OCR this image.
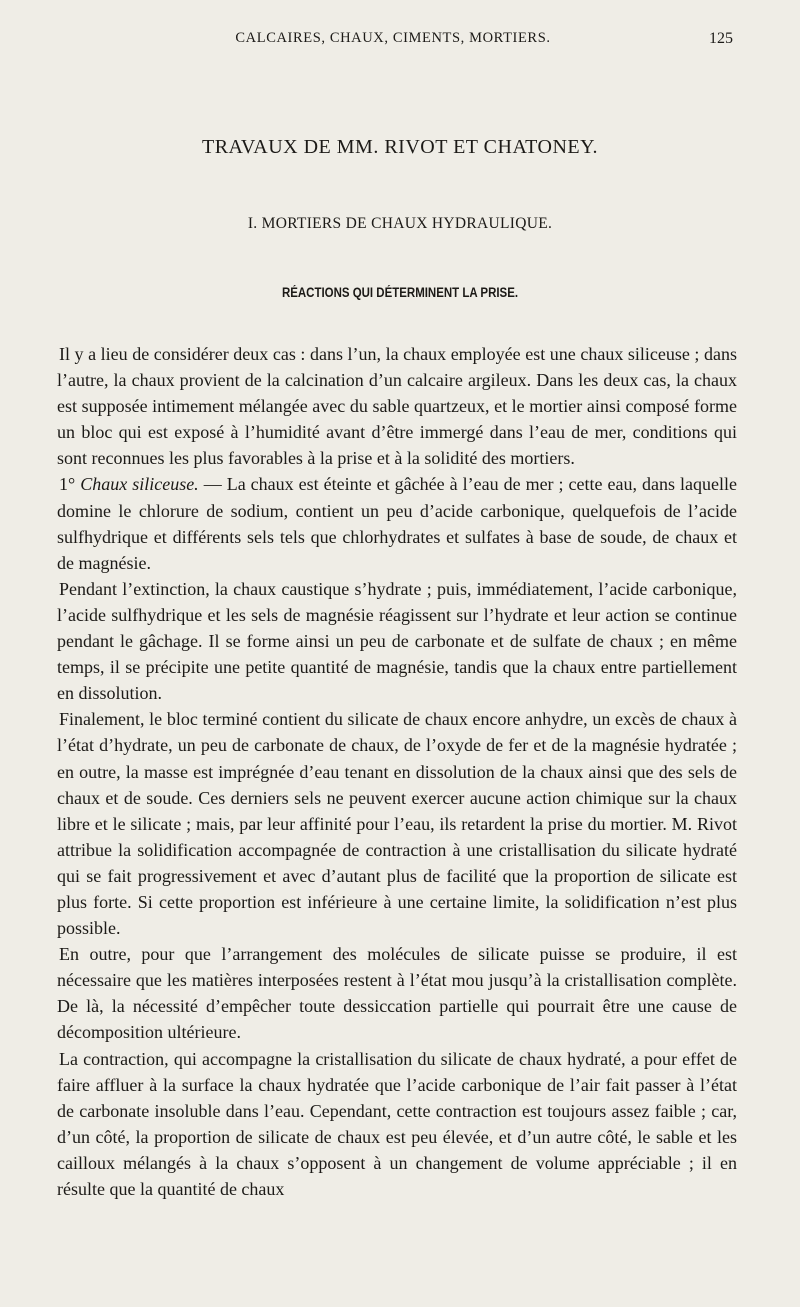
CALCAIRES, CHAUX, CIMENTS, MORTIERS.	125
TRAVAUX DE MM. RIVOT ET CHATONEY.
I. MORTIERS DE CHAUX HYDRAULIQUE.
RÉACTIONS QUI DÉTERMINENT LA PRISE.

Il y a lieu de considérer deux cas : dans l’un, la chaux employée est une chaux siliceuse ; dans l’autre, la chaux provient de la calcination d’un calcaire argileux. Dans les deux cas, la chaux est supposée intimement mélangée avec du sable quartzeux, et le mortier ainsi composé forme un bloc qui est exposé à l’humidité avant d’être immergé dans l’eau de mer, conditions qui sont reconnues les plus favorables à la prise et à la solidité des mortiers.

1° Chaux siliceuse. — La chaux est éteinte et gâchée à l’eau de mer ; cette eau, dans laquelle domine le chlorure de sodium, contient un peu d’acide carbonique, quelquefois de l’acide sulfhydrique et différents sels tels que chlorhydrates et sulfates à base de soude, de chaux et de magnésie.

Pendant l’extinction, la chaux caustique s’hydrate ; puis, immédiatement, l’acide carbonique, l’acide sulfhydrique et les sels de magnésie réagissent sur l’hydrate et leur action se continue pendant le gâchage. Il se forme ainsi un peu de carbonate et de sulfate de chaux ; en même temps, il se précipite une petite quantité de magnésie, tandis que la chaux entre partiellement en dissolution.

Finalement, le bloc terminé contient du silicate de chaux encore anhydre, un excès de chaux à l’état d’hydrate, un peu de carbonate de chaux, de l’oxyde de fer et de la magnésie hydratée ; en outre, la masse est imprégnée d’eau tenant en dissolution de la chaux ainsi que des sels de chaux et de soude. Ces derniers sels ne peuvent exercer aucune action chimique sur la chaux libre et le silicate ; mais, par leur affinité pour l’eau, ils retardent la prise du mortier. M. Rivot attribue la solidification accompagnée de contraction à une cristallisation du silicate hydraté qui se fait progressivement et avec d’autant plus de facilité que la proportion de silicate est plus forte. Si cette proportion est inférieure à une certaine limite, la solidification n’est plus possible.

En outre, pour que l’arrangement des molécules de silicate puisse se produire, il est nécessaire que les matières interposées restent à l’état mou jusqu’à la cristallisation complète. De là, la nécessité d’empêcher toute dessiccation partielle qui pourrait être une cause de décomposition ultérieure.

La contraction, qui accompagne la cristallisation du silicate de chaux hydraté, a pour effet de faire affluer à la surface la chaux hydratée que l’acide carbonique de l’air fait passer à l’état de carbonate insoluble dans l’eau. Cependant, cette contraction est toujours assez faible ; car, d’un côté, la proportion de silicate de chaux est peu élevée, et d’un autre côté, le sable et les cailloux mélangés à la chaux s’opposent à un changement de volume appréciable ; il en résulte que la quantité de chaux
